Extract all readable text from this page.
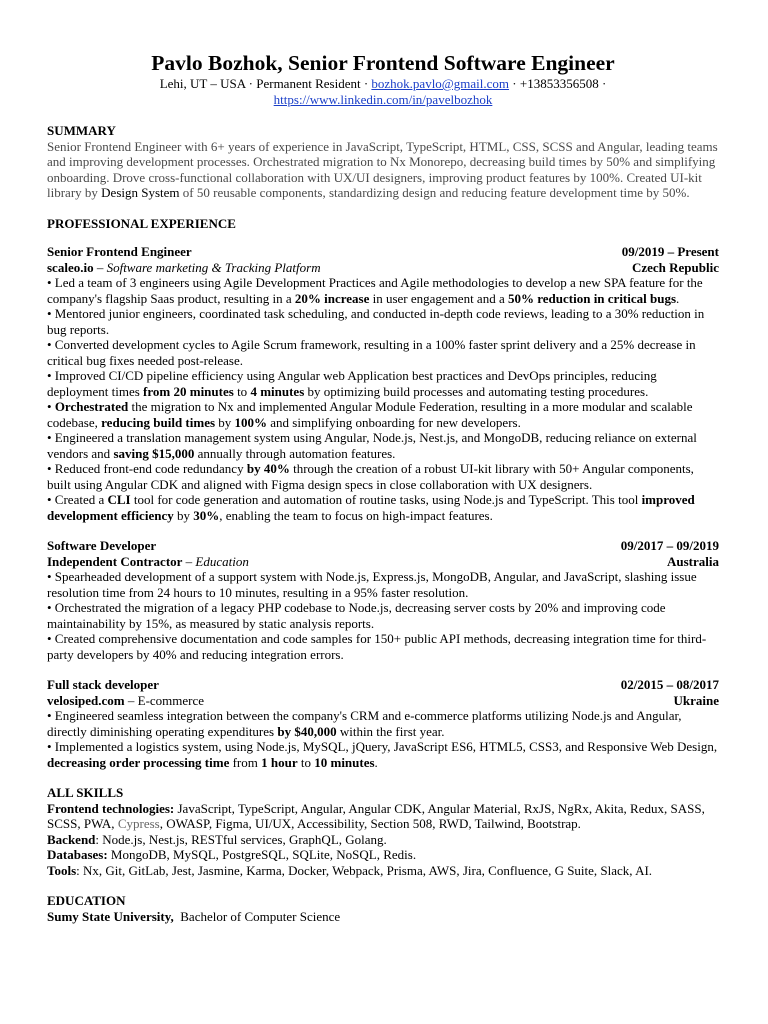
Pavlo Bozhok, Senior Frontend Software Engineer
Lehi, UT – USA · Permanent Resident · bozhok.pavlo@gmail.com · +13853356508 ·
https://www.linkedin.com/in/pavelbozhok
SUMMARY
Senior Frontend Engineer with 6+ years of experience in JavaScript, TypeScript, HTML, CSS, SCSS and Angular, leading teams and improving development processes. Orchestrated migration to Nx Monorepo, decreasing build times by 50% and simplifying onboarding. Drove cross-functional collaboration with UX/UI designers, improving product features by 100%. Created UI-kit library by Design System of 50 reusable components, standardizing design and reducing feature development time by 50%.
PROFESSIONAL EXPERIENCE
Senior Frontend Engineer	09/2019 – Present
scaleo.io – Software marketing & Tracking Platform	Czech Republic
• Led a team of 3 engineers using Agile Development Practices and Agile methodologies to develop a new SPA feature for the company's flagship Saas product, resulting in a 20% increase in user engagement and a 50% reduction in critical bugs.
• Mentored junior engineers, coordinated task scheduling, and conducted in-depth code reviews, leading to a 30% reduction in bug reports.
• Converted development cycles to Agile Scrum framework, resulting in a 100% faster sprint delivery and a 25% decrease in critical bug fixes needed post-release.
• Improved CI/CD pipeline efficiency using Angular web Application best practices and DevOps principles, reducing deployment times from 20 minutes to 4 minutes by optimizing build processes and automating testing procedures.
• Orchestrated the migration to Nx and implemented Angular Module Federation, resulting in a more modular and scalable codebase, reducing build times by 100% and simplifying onboarding for new developers.
• Engineered a translation management system using Angular, Node.js, Nest.js, and MongoDB, reducing reliance on external vendors and saving $15,000 annually through automation features.
• Reduced front-end code redundancy by 40% through the creation of a robust UI-kit library with 50+ Angular components, built using Angular CDK and aligned with Figma design specs in close collaboration with UX designers.
• Created a CLI tool for code generation and automation of routine tasks, using Node.js and TypeScript. This tool improved development efficiency by 30%, enabling the team to focus on high-impact features.
Software Developer	09/2017 – 09/2019
Independent Contractor – Education	Australia
• Spearheaded development of a support system with Node.js, Express.js, MongoDB, Angular, and JavaScript, slashing issue resolution time from 24 hours to 10 minutes, resulting in a 95% faster resolution.
• Orchestrated the migration of a legacy PHP codebase to Node.js, decreasing server costs by 20% and improving code maintainability by 15%, as measured by static analysis reports.
• Created comprehensive documentation and code samples for 150+ public API methods, decreasing integration time for third-party developers by 40% and reducing integration errors.
Full stack developer	02/2015 – 08/2017
velosiped.com – E-commerce	Ukraine
• Engineered seamless integration between the company's CRM and e-commerce platforms utilizing Node.js and Angular, directly diminishing operating expenditures by $40,000 within the first year.
• Implemented a logistics system, using Node.js, MySQL, jQuery, JavaScript ES6, HTML5, CSS3, and Responsive Web Design, decreasing order processing time from 1 hour to 10 minutes.
ALL SKILLS
Frontend technologies: JavaScript, TypeScript, Angular, Angular CDK, Angular Material, RxJS, NgRx, Akita, Redux, SASS, SCSS, PWA, Cypress, OWASP, Figma, UI/UX, Accessibility, Section 508, RWD, Tailwind, Bootstrap.
Backend: Node.js, Nest.js, RESTful services, GraphQL, Golang.
Databases: MongoDB, MySQL, PostgreSQL, SQLite, NoSQL, Redis.
Tools: Nx, Git, GitLab, Jest, Jasmine, Karma, Docker, Webpack, Prisma, AWS, Jira, Confluence, G Suite, Slack, AI.
EDUCATION
Sumy State University,  Bachelor of Computer Science
